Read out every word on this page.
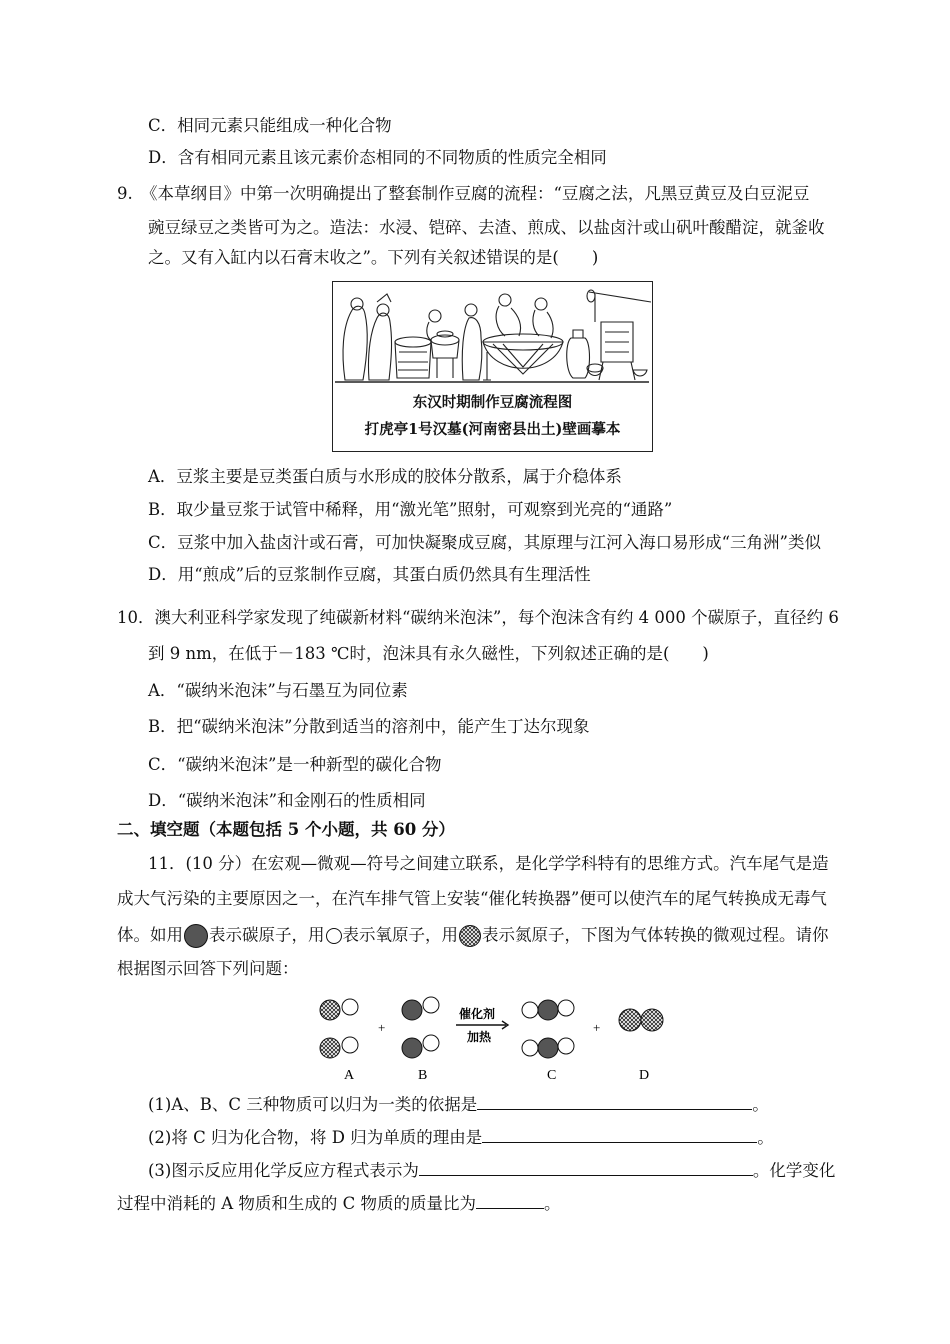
C．相同元素只能组成一种化合物
D．含有相同元素且该元素价态相同的不同物质的性质完全相同
9.　《本草纲目》中第一次明确提出了整套制作豆腐的流程：“豆腐之法，凡黑豆黄豆及白豆泥豆
豌豆绿豆之类皆可为之。造法：水浸、铠碎、去渣、煎成、以盐卤汁或山矾叶酸醋淀，就釜收
之。又有入缸内以石膏末收之”。下列有关叙述错误的是(　　)
东汉时期制作豆腐流程图
打虎亭1号汉墓(河南密县出土)壁画摹本
A．豆浆主要是豆类蛋白质与水形成的胶体分散系，属于介稳体系
B．取少量豆浆于试管中稀释，用“激光笔”照射，可观察到光亮的“通路”
C．豆浆中加入盐卤汁或石膏，可加快凝聚成豆腐，其原理与江河入海口易形成“三角洲”类似
D．用“煎成”后的豆浆制作豆腐，其蛋白质仍然具有生理活性
10．澳大利亚科学家发现了纯碳新材料“碳纳米泡沫”，每个泡沫含有约 4 000 个碳原子，直径约 6
到 9 nm，在低于－183 ℃时，泡沫具有永久磁性，下列叙述正确的是(　　)
A．“碳纳米泡沫”与石墨互为同位素
B．把“碳纳米泡沫”分散到适当的溶剂中，能产生丁达尔现象
C．“碳纳米泡沫”是一种新型的碳化合物
D．“碳纳米泡沫”和金刚石的性质相同
二、填空题（本题包括 5 个小题，共 60 分）
11．(10 分）在宏观—微观—符号之间建立联系，是化学学科特有的思维方式。汽车尾气是造
成大气污染的主要原因之一，在汽车排气管上安装“催化转换器”便可以使汽车的尾气转换成无毒气
体。如用 表示碳原子，用 表示氧原子，用 表示氮原子，下图为气体转换的微观过程。请你
根据图示回答下列问题：
+
催化剂
加热
+
A	B	C	D
(1)A、B、C 三种物质可以归为一类的依据是	。
(2)将 C 归为化合物，将 D 归为单质的理由是	。
(3)图示反应用化学反应方程式表示为	。化学变化
过程中消耗的 A 物质和生成的 C 物质的质量比为	。
